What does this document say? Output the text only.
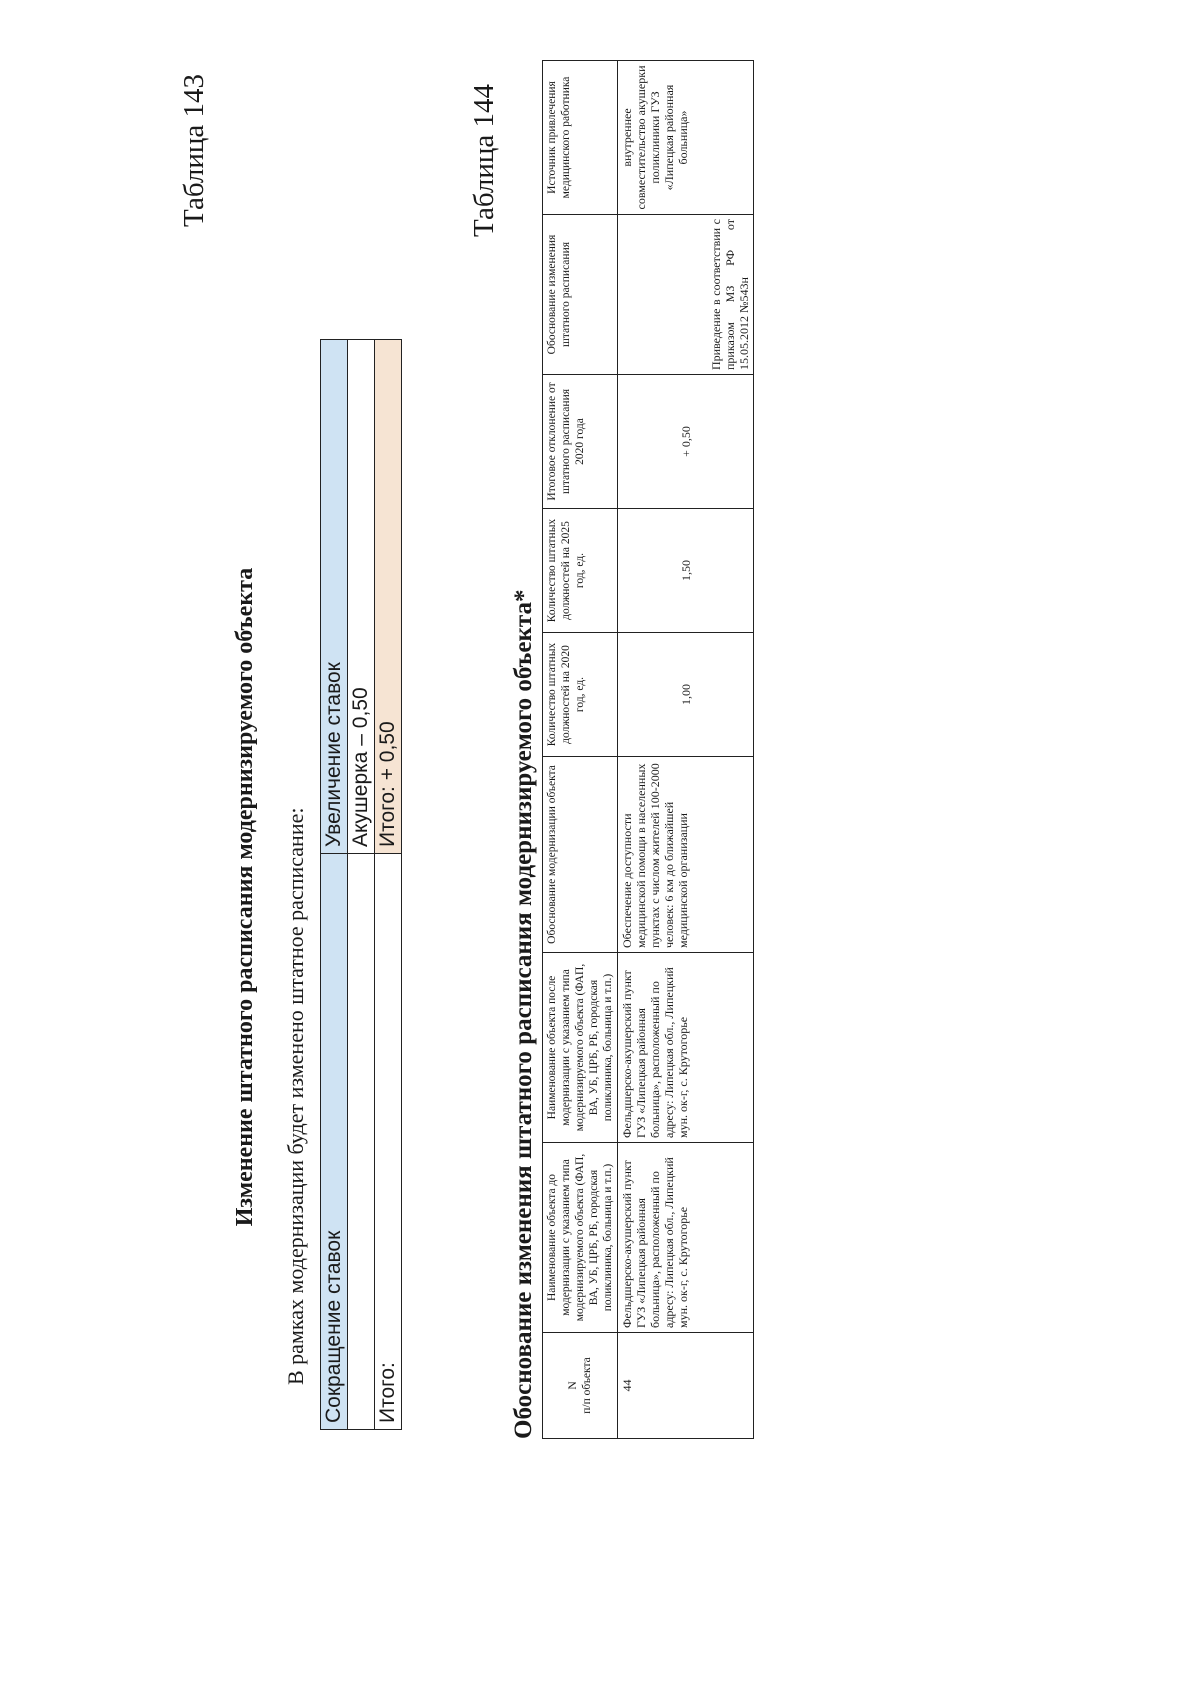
Таблица 143
Изменение штатного расписания модернизируемого объекта В рамках модернизации будет изменено штатное расписание: Сокращение ставок	Увеличение ставок
	Акушерка – 0,50
Итого:	Итого: + 0,50
Таблица 144
Обоснование изменения штатного расписания модернизируемого объекта*	N
п/п объекта	Наименование объекта до модернизации с указанием типа модернизируемого объекта (ФАП, ВА, УБ, ЦРБ, РБ, городская поликлиника, больница и т.п.)	Наименование объекта после модернизации с указанием типа модернизируемого объекта (ФАП, ВА, УБ, ЦРБ, РБ, городская поликлиника, больница и т.п.)	Обоснование модернизации объекта	Количество штатных должностей на 2020 год, ед.	Количество штатных должностей на 2025 год, ед.	Итоговое отклонение от штатного расписания 2020 года	Обоснование изменения штатного расписания	Источник привлечения медицинского работника
44	Фельдшерско-акушерский пункт ГУЗ «Липецкая районная больница», расположенный по адресу: Липецкая обл., Липецкий мун. ок-г, с. Крутогорье	Фельдшерско-акушерский пункт ГУЗ «Липецкая районная больница», расположенный по адресу: Липецкая обл., Липецкий мун. ок-г, с. Крутогорье	Обеспечение доступности медицинской помощи в населенных пунктах с числом жителей 100-2000 человек: 6 км до ближайшей медицинской организации	1,00	1,50	+ 0,50	Приведение в соответствии с приказом МЗ РФ от 15.05.2012 №543н	внутреннее совместительство акушерки поликлиники ГУЗ «Липецкая районная больница»
